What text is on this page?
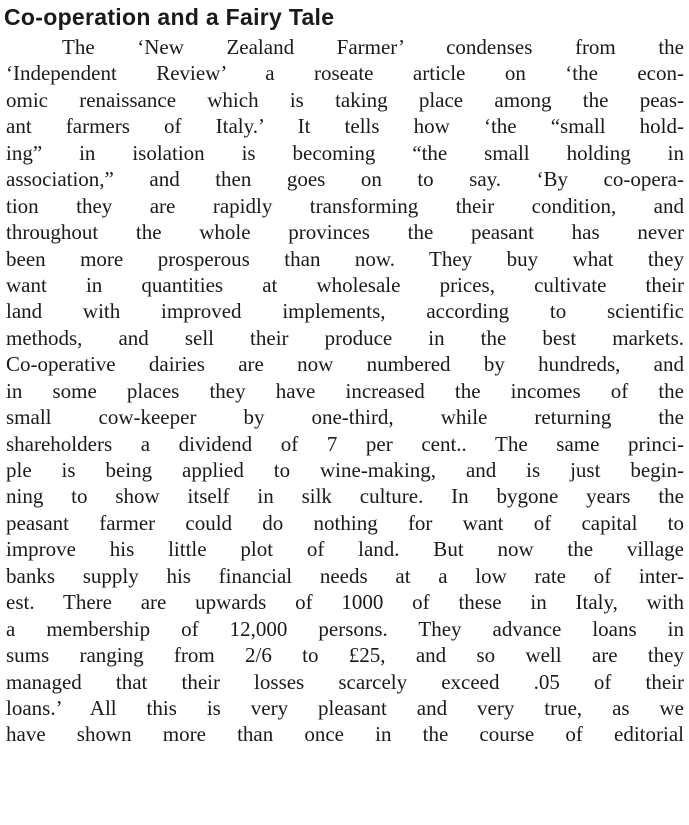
Co-operation and a Fairy Tale
The ‘New Zealand Farmer’ condenses from the
‘Independent Review’ a roseate article on ‘the econ-
omic renaissance which is taking place among the peas-
ant farmers of Italy.’ It tells how ‘the “small hold-
ing” in isolation is becoming “the small holding in
association,” and then goes on to say. ‘By co-opera-
tion they are rapidly transforming their condition, and
throughout the whole provinces the peasant has never
been more prosperous than now. They buy what they
want in quantities at wholesale prices, cultivate their
land with improved implements, according to scientific
methods, and sell their produce in the best markets.
Co-operative dairies are now numbered by hundreds, and
in some places they have increased the incomes of the
small cow-keeper by one-third, while returning the
shareholders a dividend of 7 per cent.. The same princi-
ple is being applied to wine-making, and is just begin-
ning to show itself in silk culture. In bygone years the
peasant farmer could do nothing for want of capital to
improve his little plot of land. But now the village
banks supply his financial needs at a low rate of inter-
est. There are upwards of 1000 of these in Italy, with
a membership of 12,000 persons. They advance loans in
sums ranging from 2/6 to £25, and so well are they
managed that their losses scarcely exceed .05 of their
loans.’ All this is very pleasant and very true, as we
have shown more than once in the course of editorial
